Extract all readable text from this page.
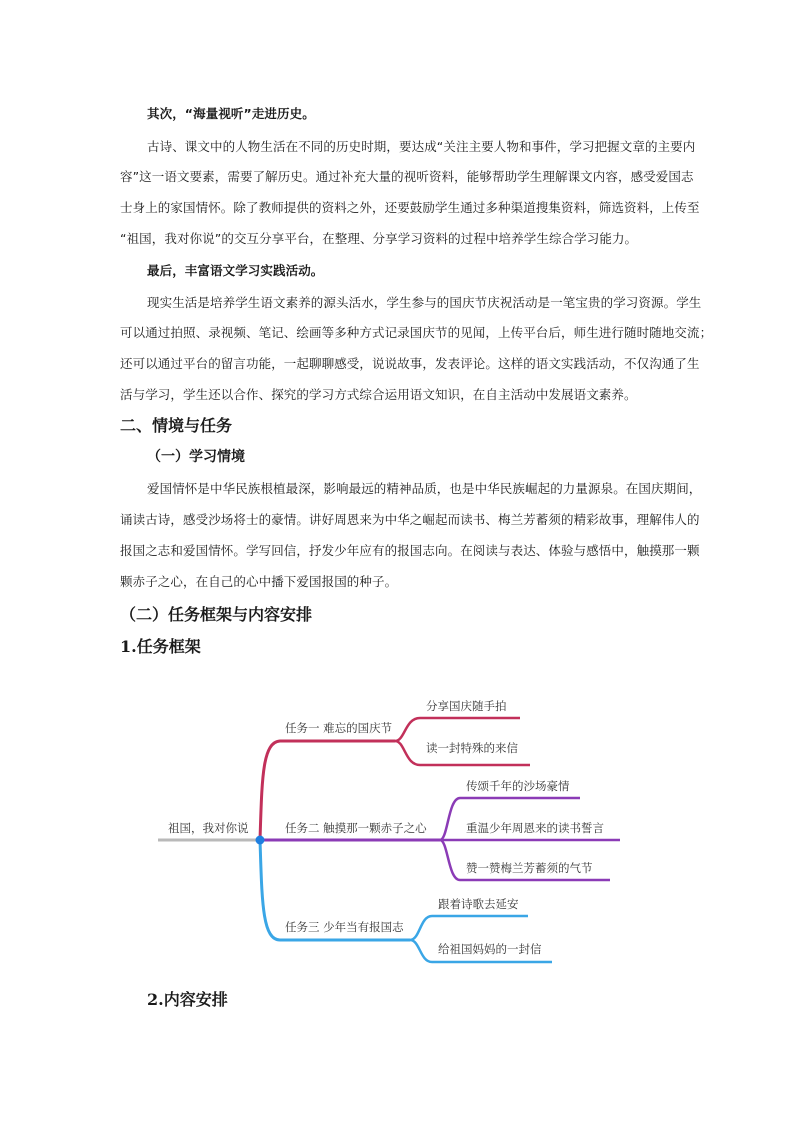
其次，“海量视听”走进历史。
古诗、课文中的人物生活在不同的历史时期，要达成“关注主要人物和事件，学习把握文章的主要内
容”这一语文要素，需要了解历史。通过补充大量的视听资料，能够帮助学生理解课文内容，感受爱国志
士身上的家国情怀。除了教师提供的资料之外，还要鼓励学生通过多种渠道搜集资料，筛选资料，上传至
“祖国，我对你说”的交互分享平台，在整理、分享学习资料的过程中培养学生综合学习能力。
最后，丰富语文学习实践活动。
现实生活是培养学生语文素养的源头活水，学生参与的国庆节庆祝活动是一笔宝贵的学习资源。学生
可以通过拍照、录视频、笔记、绘画等多种方式记录国庆节的见闻，上传平台后，师生进行随时随地交流；
还可以通过平台的留言功能，一起聊聊感受，说说故事，发表评论。这样的语文实践活动，不仅沟通了生
活与学习，学生还以合作、探究的学习方式综合运用语文知识，在自主活动中发展语文素养。
二、情境与任务
（一）学习情境
爱国情怀是中华民族根植最深，影响最远的精神品质，也是中华民族崛起的力量源泉。在国庆期间，
诵读古诗，感受沙场将士的豪情。讲好周恩来为中华之崛起而读书、梅兰芳蓄须的精彩故事，理解伟人的
报国之志和爱国情怀。学写回信，抒发少年应有的报国志向。在阅读与表达、体验与感悟中，触摸那一颗
颗赤子之心，在自己的心中播下爱国报国的种子。
（二）任务框架与内容安排
1.任务框架
祖国，我对你说
任务一 难忘的国庆节
分享国庆随手拍
读一封特殊的来信
任务二 触摸那一颗赤子之心
传颂千年的沙场豪情
重温少年周恩来的读书誓言
赞一赞梅兰芳蓄须的气节
任务三 少年当有报国志
跟着诗歌去延安
给祖国妈妈的一封信
2.内容安排
